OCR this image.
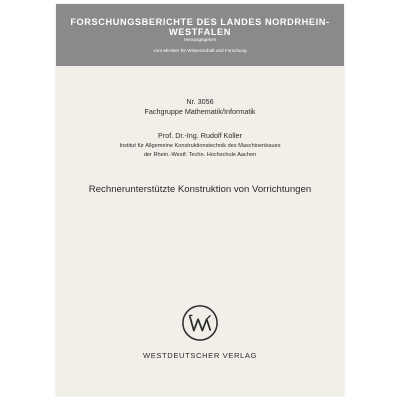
FORSCHUNGSBERICHTE DES LANDES NORDRHEIN-WESTFALEN
Herausgegeben
vom Minister für Wissenschaft und Forschung
Nr. 3056
Fachgruppe Mathematik/Informatik
Prof. Dr.-Ing. Rudolf Koller
Institut für Allgemeine Konstruktionstechnik des Maschinenbaues
der Rhein.-Westf. Techn. Hochschule Aachen
Rechnerunterstützte Konstruktion von Vorrichtungen
WESTDEUTSCHER VERLAG
